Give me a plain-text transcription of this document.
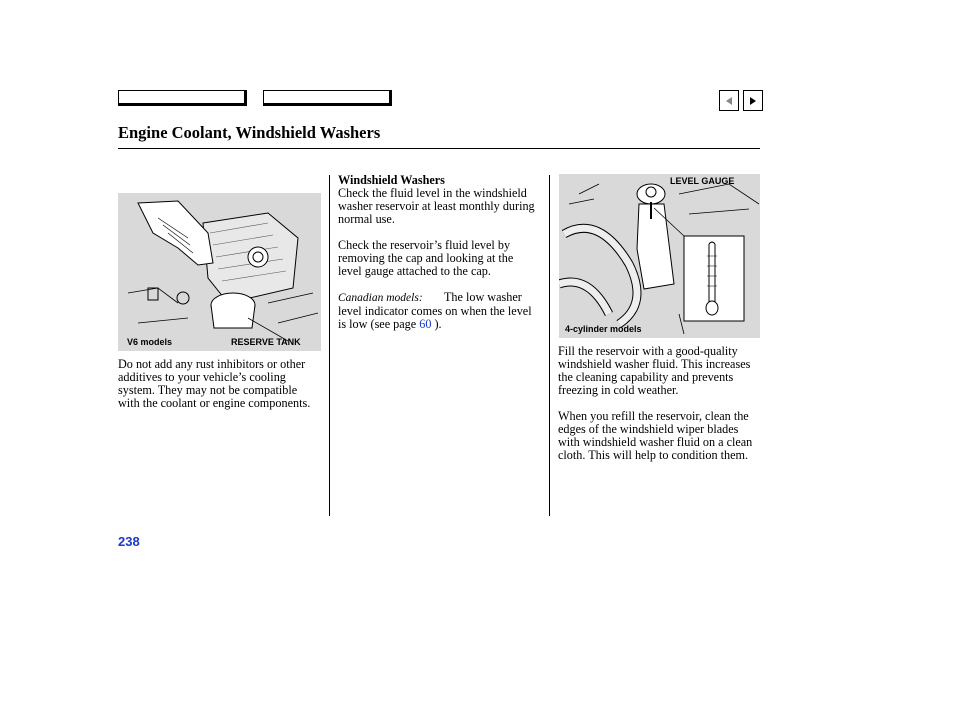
Engine Coolant, Windshield Washers
V6 models	RESERVE TANK

Do not add any rust inhibitors or other additives to your vehicle’s cooling system. They may not be compatible with the coolant or engine components.

Windshield Washers
Check the fluid level in the windshield washer reservoir at least monthly during normal use.

Check the reservoir’s fluid level by removing the cap and looking at the level gauge attached to the cap.

Canadian models: The low washer level indicator comes on when the level is low (see page 60 ).

LEVEL GAUGE
4-cylinder models

Fill the reservoir with a good-quality windshield washer fluid. This increases the cleaning capability and prevents freezing in cold weather.

When you refill the reservoir, clean the edges of the windshield wiper blades with windshield washer fluid on a clean cloth. This will help to condition them.

238
